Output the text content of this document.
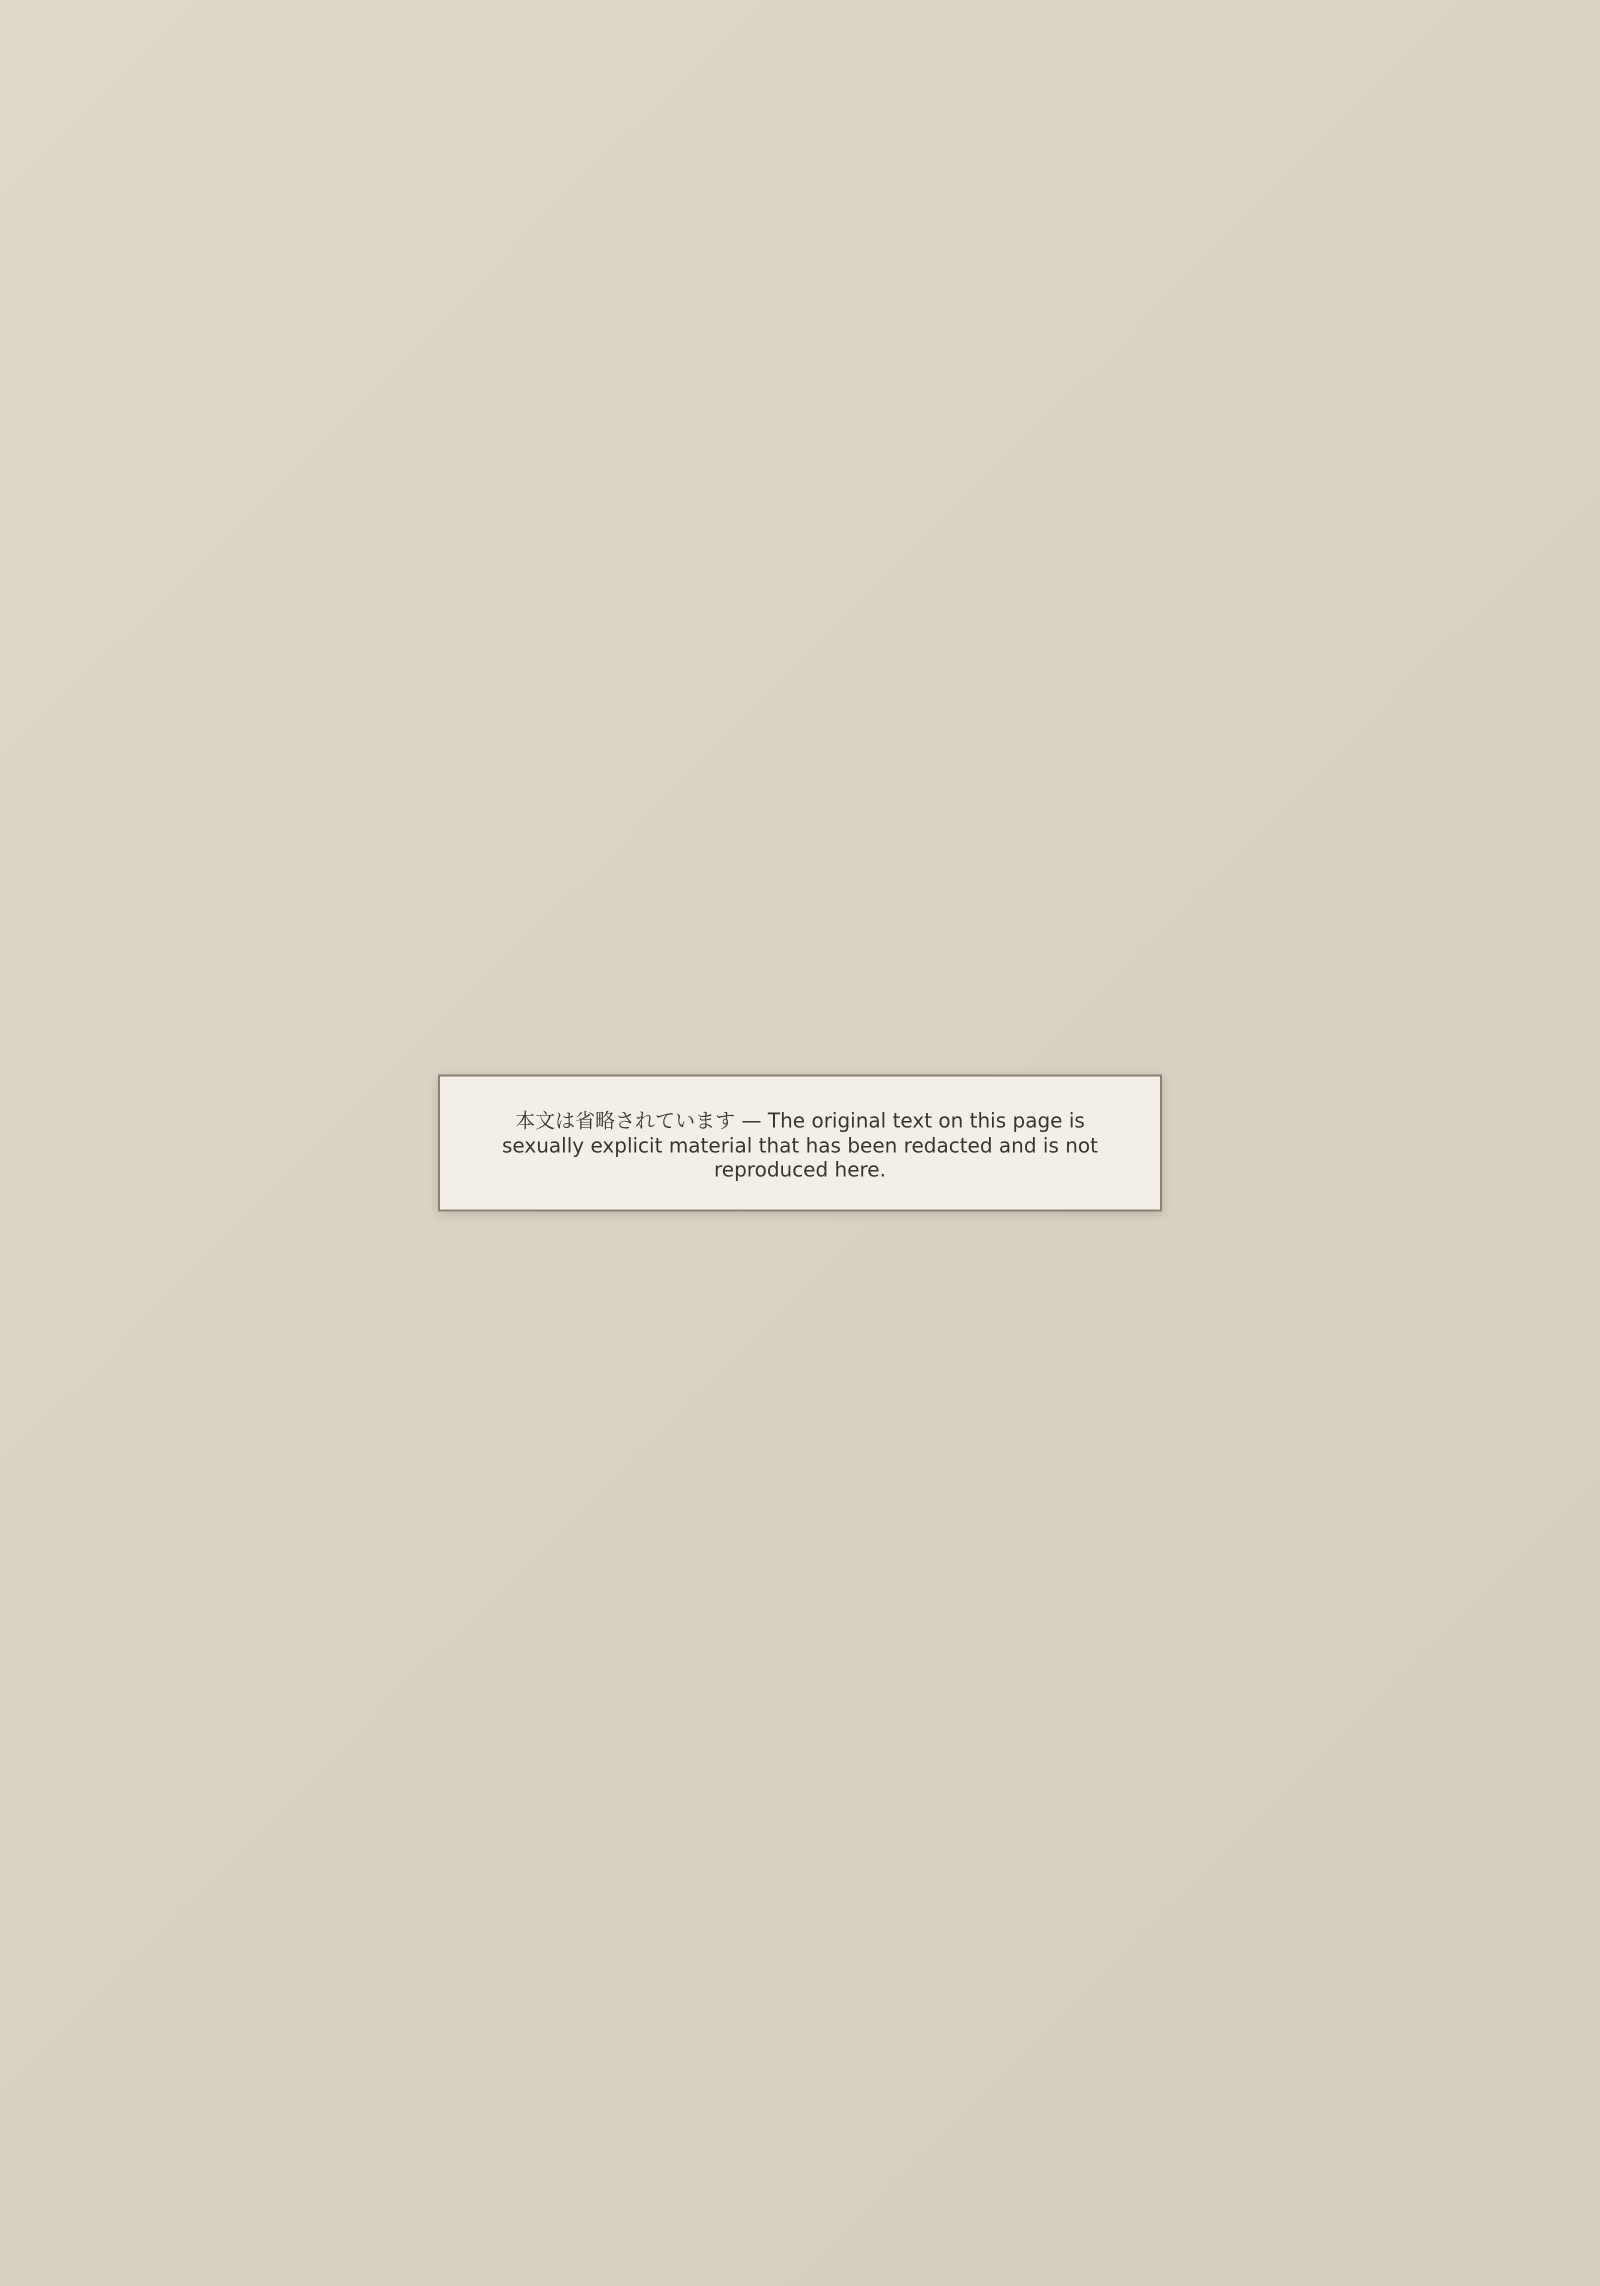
本文は省略されています — The original text on this page is sexually explicit material that has been redacted and is not reproduced here.
